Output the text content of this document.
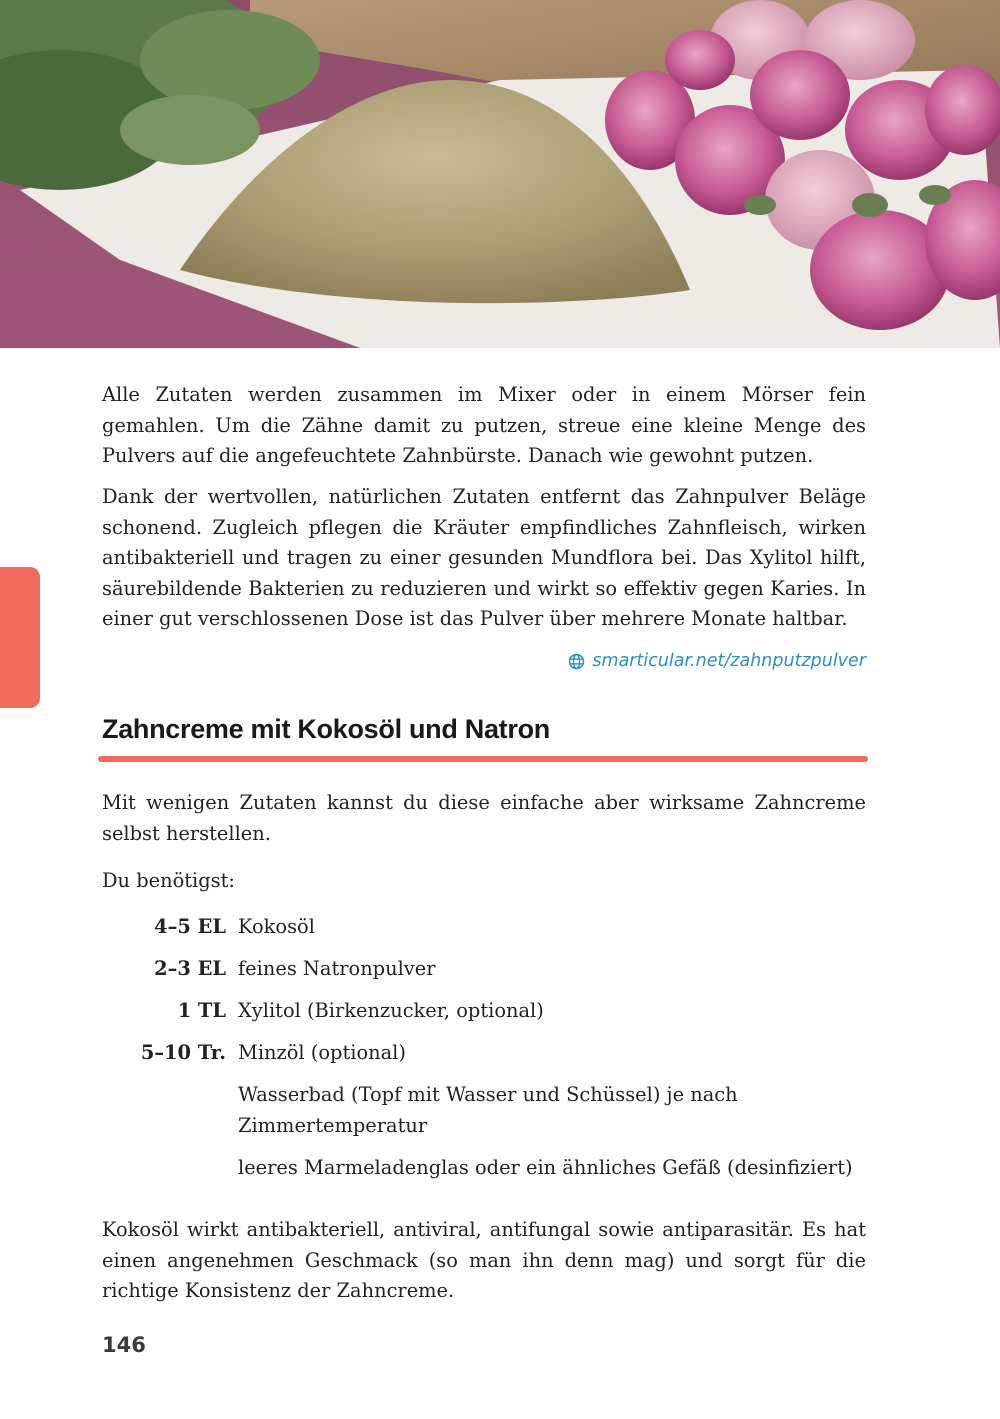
Alle Zutaten werden zusammen im Mixer oder in einem Mörser fein gemahlen. Um die Zähne damit zu putzen, streue eine kleine Menge des Pulvers auf die angefeuchtete Zahnbürste. Danach wie gewohnt putzen.

Dank der wertvollen, natürlichen Zutaten entfernt das Zahnpulver Beläge schonend. Zugleich pflegen die Kräuter empfindliches Zahnfleisch, wirken antibakteriell und tragen zu einer gesunden Mundflora bei. Das Xylitol hilft, säurebildende Bakterien zu reduzieren und wirkt so effektiv gegen Karies. In einer gut verschlossenen Dose ist das Pulver über mehrere Monate haltbar.

smarticular.net/zahnputzpulver
Zahncreme mit Kokosöl und Natron

Mit wenigen Zutaten kannst du diese einfache aber wirksame Zahncreme selbst herstellen.

Du benötigst:

4–5 EL Kokosöl
2–3 EL feines Natronpulver
1 TL Xylitol (Birkenzucker, optional)
5–10 Tr. Minzöl (optional)
Wasserbad (Topf mit Wasser und Schüssel) je nach Zimmertemperatur
leeres Marmeladenglas oder ein ähnliches Gefäß (desinfiziert)

Kokosöl wirkt antibakteriell, antiviral, antifungal sowie antiparasitär. Es hat einen angenehmen Geschmack (so man ihn denn mag) und sorgt für die richtige Konsistenz der Zahncreme.

146
